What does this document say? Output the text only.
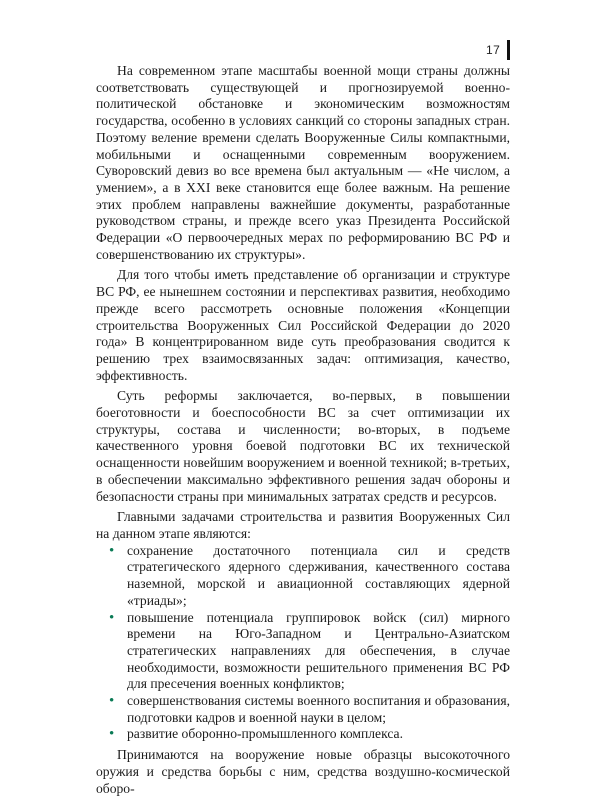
17

На современном этапе масштабы военной мощи страны должны соответствовать существующей и прогнозируемой военно-политической обстановке и экономическим возможностям государства, особенно в условиях санкций со стороны западных стран. Поэтому веление времени сделать Вооруженные Силы компактными, мобильными и оснащенными современным вооружением. Суворовский девиз во все времена был актуальным — «Не числом, а умением», а в XXI веке становится еще более важным. На решение этих проблем направлены важнейшие документы, разработанные руководством страны, и прежде всего указ Президента Российской Федерации «О первоочередных мерах по реформированию ВС РФ и совершенствованию их структуры».

Для того чтобы иметь представление об организации и структуре ВС РФ, ее нынешнем состоянии и перспективах развития, необходимо прежде всего рассмотреть основные положения «Концепции строительства Вооруженных Сил Российской Федерации до 2020 года» В концентрированном виде суть преобразования сводится к решению трех взаимосвязанных задач: оптимизация, качество, эффективность.

Суть реформы заключается, во-первых, в повышении боеготовности и боеспособности ВС за счет оптимизации их структуры, состава и численности; во-вторых, в подъеме качественного уровня боевой подготовки ВС их технической оснащенности новейшим вооружением и военной техникой; в-третьих, в обеспечении максимально эффективного решения задач обороны и безопасности страны при минимальных затратах средств и ресурсов.

Главными задачами строительства и развития Вооруженных Сил на данном этапе являются:

• сохранение достаточного потенциала сил и средств стратегического ядерного сдерживания, качественного состава наземной, морской и авиационной составляющих ядерной «триады»;
• повышение потенциала группировок войск (сил) мирного времени на Юго-Западном и Центрально-Азиатском стратегических направлениях для обеспечения, в случае необходимости, возможности решительного применения ВС РФ для пресечения военных конфликтов;
• совершенствования системы военного воспитания и образования, подготовки кадров и военной науки в целом;
• развитие оборонно-промышленного комплекса.

Принимаются на вооружение новые образцы высокоточного оружия и средства борьбы с ним, средства воздушно-космической оборо-
